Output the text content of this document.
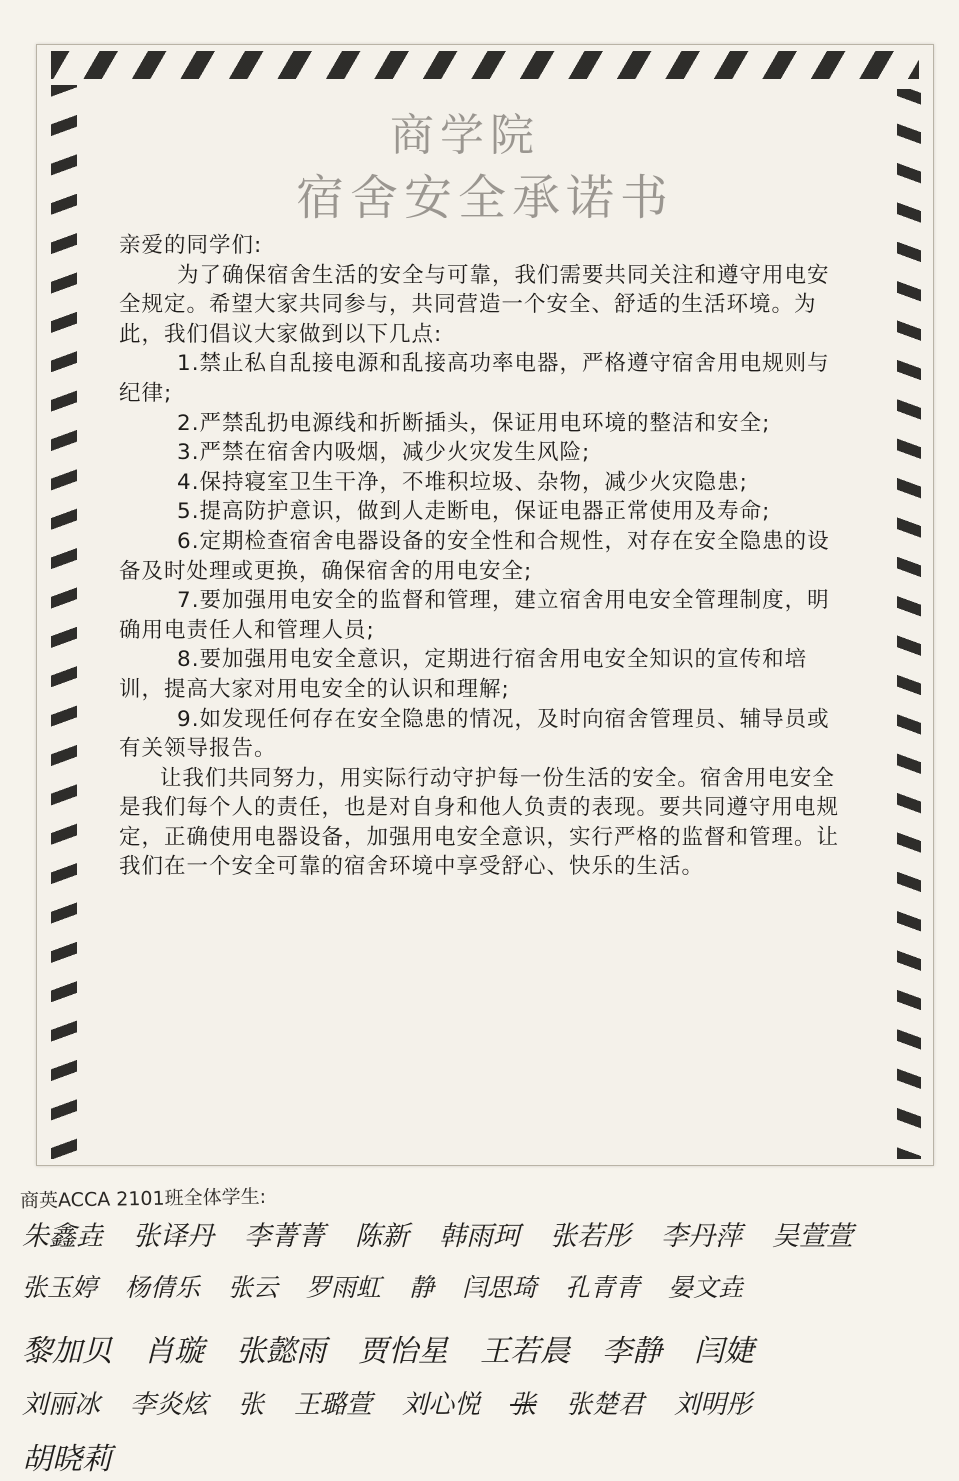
商学院
宿舍安全承诺书

亲爱的同学们:

为了确保宿舍生活的安全与可靠，我们需要共同关注和遵守用电安全规定。希望大家共同参与，共同营造一个安全、舒适的生活环境。为此，我们倡议大家做到以下几点:

1.禁止私自乱接电源和乱接高功率电器，严格遵守宿舍用电规则与纪律;

2.严禁乱扔电源线和折断插头，保证用电环境的整洁和安全;

3.严禁在宿舍内吸烟，减少火灾发生风险;

4.保持寝室卫生干净，不堆积垃圾、杂物，减少火灾隐患;

5.提高防护意识，做到人走断电，保证电器正常使用及寿命;

6.定期检查宿舍电器设备的安全性和合规性，对存在安全隐患的设备及时处理或更换，确保宿舍的用电安全;

7.要加强用电安全的监督和管理，建立宿舍用电安全管理制度，明确用电责任人和管理人员;

8.要加强用电安全意识，定期进行宿舍用电安全知识的宣传和培训，提高大家对用电安全的认识和理解;

9.如发现任何存在安全隐患的情况，及时向宿舍管理员、辅导员或有关领导报告。

让我们共同努力，用实际行动守护每一份生活的安全。宿舍用电安全是我们每个人的责任，也是对自身和他人负责的表现。要共同遵守用电规定，正确使用电器设备，加强用电安全意识，实行严格的监督和管理。让我们在一个安全可靠的宿舍环境中享受舒心、快乐的生活。

商英ACCA 2101班全体学生:
朱鑫垚 张译丹 李菁菁 陈新 韩雨珂 张若彤 李丹萍 吴萱萱
张玉婷 杨倩乐 张云 罗雨虹 静 闫思琦 孔青青 晏文垚
黎加贝 肖璇 张懿雨 贾怡星 王若晨 李静 闫婕
刘丽冰 李炎炫 张 王璐萱 刘心悦 张 张楚君 刘明彤
胡晓莉
